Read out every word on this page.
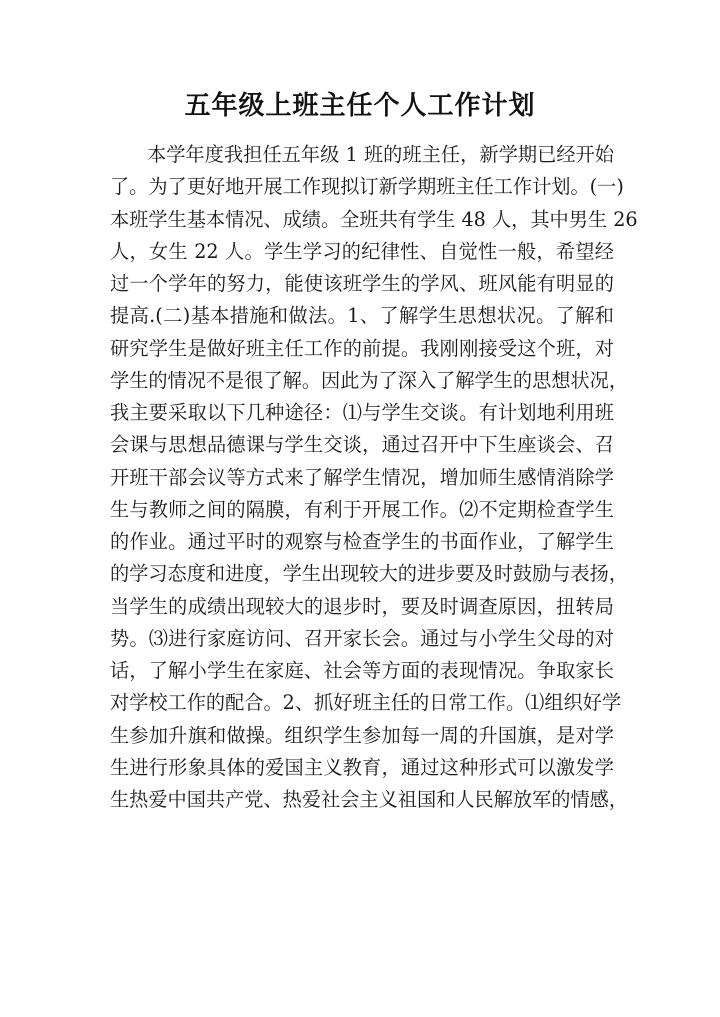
五年级上班主任个人工作计划
本学年度我担任五年级 1 班的班主任，新学期已经开始
了。为了更好地开展工作现拟订新学期班主任工作计划。(一)
本班学生基本情况、成绩。全班共有学生 48 人，其中男生 26
人，女生 22 人。学生学习的纪律性、自觉性一般，希望经
过一个学年的努力，能使该班学生的学风、班风能有明显的
提高.(二)基本措施和做法。1、了解学生思想状况。了解和
研究学生是做好班主任工作的前提。我刚刚接受这个班，对
学生的情况不是很了解。因此为了深入了解学生的思想状况，
我主要采取以下几种途径：⑴与学生交谈。有计划地利用班
会课与思想品德课与学生交谈，通过召开中下生座谈会、召
开班干部会议等方式来了解学生情况，增加师生感情消除学
生与教师之间的隔膜，有利于开展工作。⑵不定期检查学生
的作业。通过平时的观察与检查学生的书面作业，了解学生
的学习态度和进度，学生出现较大的进步要及时鼓励与表扬，
当学生的成绩出现较大的退步时，要及时调查原因，扭转局
势。⑶进行家庭访问、召开家长会。通过与小学生父母的对
话，了解小学生在家庭、社会等方面的表现情况。争取家长
对学校工作的配合。2、抓好班主任的日常工作。⑴组织好学
生参加升旗和做操。组织学生参加每一周的升国旗，是对学
生进行形象具体的爱国主义教育，通过这种形式可以激发学
生热爱中国共产党、热爱社会主义祖国和人民解放军的情感，
